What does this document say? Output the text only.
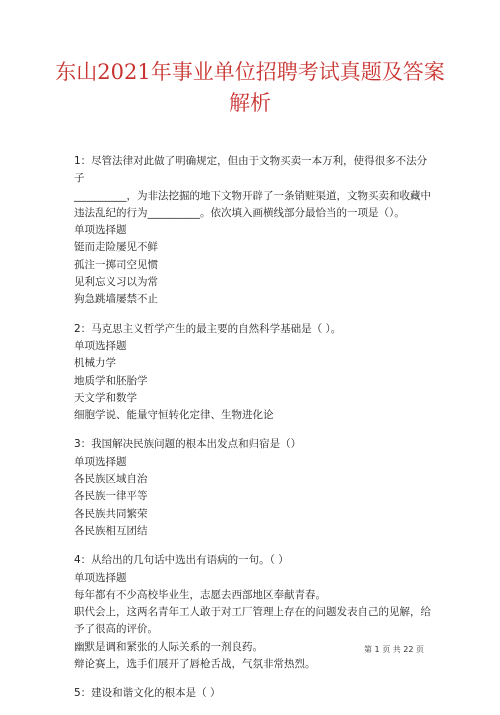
东山2021年事业单位招聘考试真题及答案
解析

1：尽管法律对此做了明确规定，但由于文物买卖一本万利，使得很多不法分子

__________，为非法挖掘的地下文物开辟了一条销赃渠道，文物买卖和收藏中

违法乱纪的行为__________。依次填入画横线部分最恰当的一项是（）。

单项选择题

铤而走险屡见不鲜

孤注一掷司空见惯

见利忘义习以为常

狗急跳墙屡禁不止

2：马克思主义哲学产生的最主要的自然科学基础是（ ）。

单项选择题

机械力学

地质学和胚胎学

天文学和数学

细胞学说、能量守恒转化定律、生物进化论

3：我国解决民族问题的根本出发点和归宿是（）

单项选择题

各民族区域自治

各民族一律平等

各民族共同繁荣

各民族相互团结

4：从给出的几句话中选出有语病的一句。（ ）

单项选择题

每年都有不少高校毕业生，志愿去西部地区奉献青春。

职代会上，这两名青年工人敢于对工厂管理上存在的问题发表自己的见解，给

予了很高的评价。

幽默是调和紧张的人际关系的一剂良药。

辩论赛上，选手们展开了唇枪舌战，气氛非常热烈。

5：建设和谐文化的根本是（ ）

第 1 页 共 22 页
